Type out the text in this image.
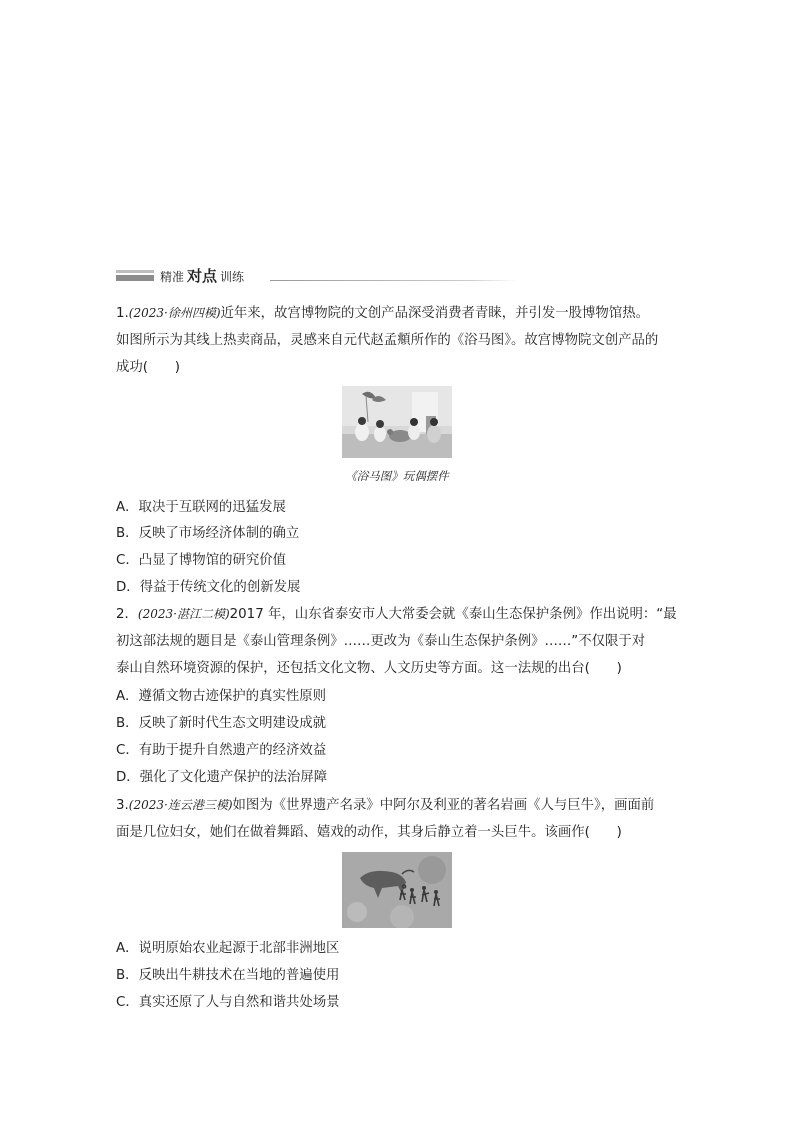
精准 对点 训练
1.(2023·徐州四模)近年来，故宫博物院的文创产品深受消费者青睐，并引发一股博物馆热。
如图所示为其线上热卖商品，灵感来自元代赵孟頫所作的《浴马图》。故宫博物院文创产品的
成功(　　)
《浴马图》玩偶摆件
A．取决于互联网的迅猛发展
B．反映了市场经济体制的确立
C．凸显了博物馆的研究价值
D．得益于传统文化的创新发展
2．(2023·湛江二模)2017 年，山东省泰安市人大常委会就《泰山生态保护条例》作出说明：“最
初这部法规的题目是《泰山管理条例》……更改为《泰山生态保护条例》……”不仅限于对
泰山自然环境资源的保护，还包括文化文物、人文历史等方面。这一法规的出台(　　)
A．遵循文物古迹保护的真实性原则
B．反映了新时代生态文明建设成就
C．有助于提升自然遗产的经济效益
D．强化了文化遗产保护的法治屏障
3.(2023·连云港三模)如图为《世界遗产名录》中阿尔及利亚的著名岩画《人与巨牛》，画面前
面是几位妇女，她们在做着舞蹈、嬉戏的动作，其身后静立着一头巨牛。该画作(　　)
A．说明原始农业起源于北部非洲地区
B．反映出牛耕技术在当地的普遍使用
C．真实还原了人与自然和谐共处场景
